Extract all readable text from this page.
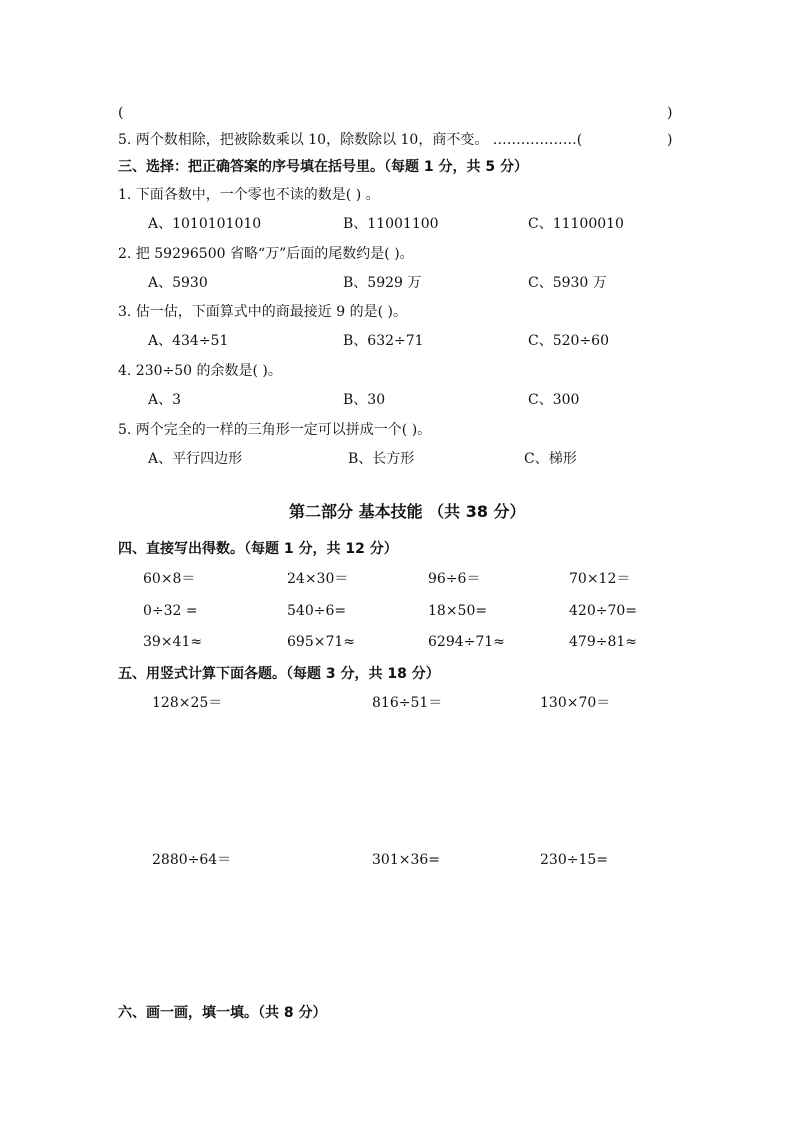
(	)
5. 两个数相除，把被除数乘以 10，除数除以 10，商不变。 ………………(	)
三、选择：把正确答案的序号填在括号里。（每题 1 分，共 5 分）
1. 下面各数中，一个零也不读的数是( ) 。
A、1010101010	B、11001100	C、11100010
2. 把 59296500 省略“万”后面的尾数约是( )。
A、5930	B、5929 万	C、5930 万
3. 估一估，下面算式中的商最接近 9 的是( )。
A、434÷51	B、632÷71	C、520÷60
4. 230÷50 的余数是( )。
A、3	B、30	C、300
5. 两个完全的一样的三角形一定可以拼成一个( )。
A、平行四边形	B、长方形	C、梯形
第二部分 基本技能 （共 38 分）
四、直接写出得数。（每题 1 分，共 12 分）
60×8＝	24×30＝	96÷6＝	70×12＝
0÷32 =	540÷6=	18×50=	420÷70=
39×41≈	695×71≈	6294÷71≈	479÷81≈
五、用竖式计算下面各题。（每题 3 分，共 18 分）
128×25＝	816÷51＝	130×70＝
2880÷64＝	301×36=	230÷15=
六、画一画，填一填。（共 8 分）
